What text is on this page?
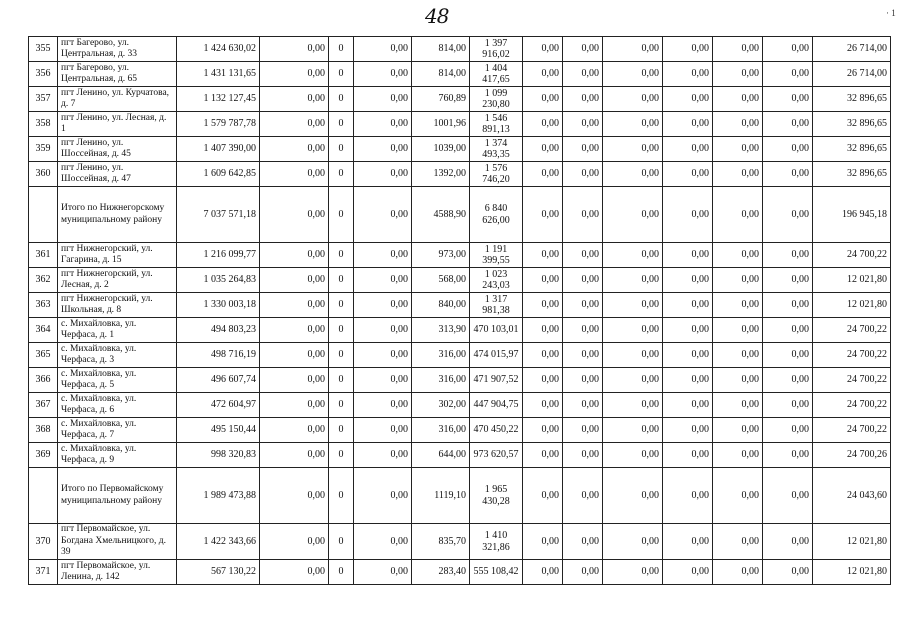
48	· 1
355	пгт Багерово, ул. Центральная, д. 33	1 424 630,02	0,00	0	0,00	814,00	1 397 916,02	0,00	0,00	0,00	0,00	0,00	0,00	26 714,00
356	пгт Багерово, ул. Центральная, д. 65	1 431 131,65	0,00	0	0,00	814,00	1 404 417,65	0,00	0,00	0,00	0,00	0,00	0,00	26 714,00
357	пгт Ленино, ул. Курчатова, д. 7	1 132 127,45	0,00	0	0,00	760,89	1 099 230,80	0,00	0,00	0,00	0,00	0,00	0,00	32 896,65
358	пгт Ленино, ул. Лесная, д. 1	1 579 787,78	0,00	0	0,00	1001,96	1 546 891,13	0,00	0,00	0,00	0,00	0,00	0,00	32 896,65
359	пгт Ленино, ул. Шоссейная, д. 45	1 407 390,00	0,00	0	0,00	1039,00	1 374 493,35	0,00	0,00	0,00	0,00	0,00	0,00	32 896,65
360	пгт Ленино, ул. Шоссейная, д. 47	1 609 642,85	0,00	0	0,00	1392,00	1 576 746,20	0,00	0,00	0,00	0,00	0,00	0,00	32 896,65
	Итого по Нижнегорскому муниципальному району	7 037 571,18	0,00	0	0,00	4588,90	6 840 626,00	0,00	0,00	0,00	0,00	0,00	0,00	196 945,18
361	пгт Нижнегорский, ул. Гагарина, д. 15	1 216 099,77	0,00	0	0,00	973,00	1 191 399,55	0,00	0,00	0,00	0,00	0,00	0,00	24 700,22
362	пгт Нижнегорский, ул. Лесная, д. 2	1 035 264,83	0,00	0	0,00	568,00	1 023 243,03	0,00	0,00	0,00	0,00	0,00	0,00	12 021,80
363	пгт Нижнегорский, ул. Школьная, д. 8	1 330 003,18	0,00	0	0,00	840,00	1 317 981,38	0,00	0,00	0,00	0,00	0,00	0,00	12 021,80
364	с. Михайловка, ул. Черфаса, д. 1	494 803,23	0,00	0	0,00	313,90	470 103,01	0,00	0,00	0,00	0,00	0,00	0,00	24 700,22
365	с. Михайловка, ул. Черфаса, д. 3	498 716,19	0,00	0	0,00	316,00	474 015,97	0,00	0,00	0,00	0,00	0,00	0,00	24 700,22
366	с. Михайловка, ул. Черфаса, д. 5	496 607,74	0,00	0	0,00	316,00	471 907,52	0,00	0,00	0,00	0,00	0,00	0,00	24 700,22
367	с. Михайловка, ул. Черфаса, д. 6	472 604,97	0,00	0	0,00	302,00	447 904,75	0,00	0,00	0,00	0,00	0,00	0,00	24 700,22
368	с. Михайловка, ул. Черфаса, д. 7	495 150,44	0,00	0	0,00	316,00	470 450,22	0,00	0,00	0,00	0,00	0,00	0,00	24 700,22
369	с. Михайловка, ул. Черфаса, д. 9	998 320,83	0,00	0	0,00	644,00	973 620,57	0,00	0,00	0,00	0,00	0,00	0,00	24 700,26
	Итого по Первомайскому муниципальному району	1 989 473,88	0,00	0	0,00	1119,10	1 965 430,28	0,00	0,00	0,00	0,00	0,00	0,00	24 043,60
370	пгт Первомайское, ул. Богдана Хмельницкого, д. 39	1 422 343,66	0,00	0	0,00	835,70	1 410 321,86	0,00	0,00	0,00	0,00	0,00	0,00	12 021,80
371	пгт Первомайское, ул. Ленина, д. 142	567 130,22	0,00	0	0,00	283,40	555 108,42	0,00	0,00	0,00	0,00	0,00	0,00	12 021,80
